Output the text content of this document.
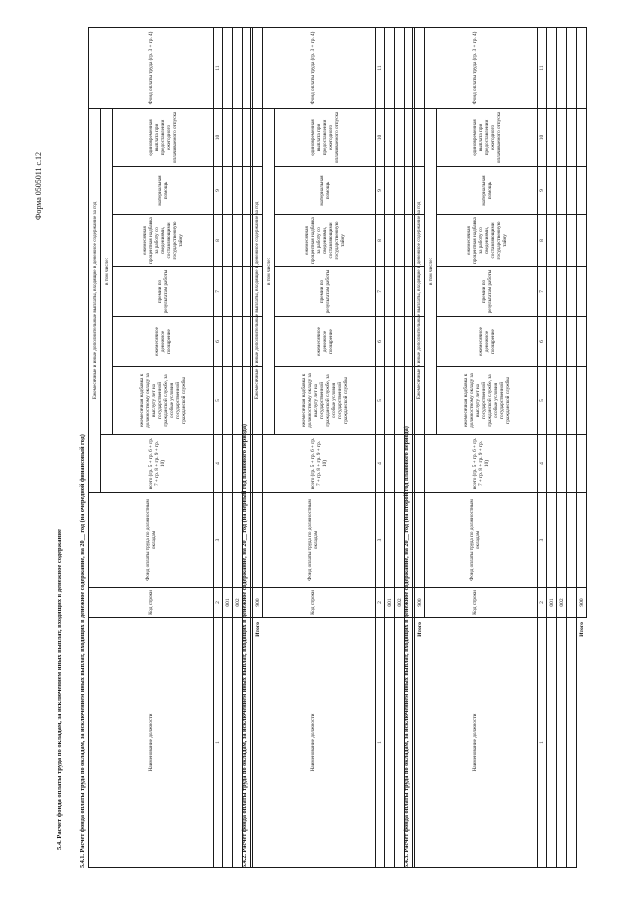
Форма 0505011 с.12
5.4. Расчет фонда оплаты труда по окладам, за исключением иных выплат, входящих в денежное содержание	5.4.1. Расчет фонда оплаты труда по окладам, за исключением иных выплат, входящих в денежное содержание, на 20__ год (на очередной финансовый год)	Наименование должности	Код строки	Фонд оплаты труда по должностным окладам	Ежемесячные и иные дополнительные выплаты, входящие в денежное содержание за год							Фонд оплаты труда (гр. 3 + гр. 4)
			всего (гр. 5 + гр. 6 + гр. 7 + гр. 8 + гр. 9 + гр. 10)	в том числе:						
				ежемесячная надбавка к должностному окладу за выслугу лет на государственной гражданской службе, за особые условия государственной гражданской службы	ежемесячное денежное поощрение	премии по результатам работы	ежемесячная процентная надбавка за работу со сведениями, составляющими государственную тайну	материальная помощь	единовременная выплата при предоставлении ежегодного оплачиваемого отпуска	
1	2	3	4	5	6	7	8	9	10	11
	001									
	002									

Итого	900									
5.4.2. Расчет фонда оплаты труда по окладам, за исключением иных выплат, входящих в денежное содержание, на 20__ год (на первый год планового периода)	Наименование должности	Код строки	Фонд оплаты труда по должностным окладам	Ежемесячные и иные дополнительные выплаты, входящие в денежное содержание за год							Фонд оплаты труда (гр. 3 + гр. 4)
			всего (гр. 5 + гр. 6 + гр. 7 + гр. 8 + гр. 9 + гр. 10)	в том числе:						
				ежемесячная надбавка к должностному окладу за выслугу лет на государственной гражданской службе, за особые условия государственной гражданской службы	ежемесячное денежное поощрение	премии по результатам работы	ежемесячная процентная надбавка за работу со сведениями, составляющими государственную тайну	материальная помощь	единовременная выплата при предоставлении ежегодного оплачиваемого отпуска	
1	2	3	4	5	6	7	8	9	10	11
	001									
	002									

Итого	900									
5.4.3. Расчет фонда оплаты труда по окладам, за исключением иных выплат, входящих в денежное содержание, на 20__ год (на второй год планового периода)	Наименование должности	Код строки	Фонд оплаты труда по должностным окладам	Ежемесячные и иные дополнительные выплаты, входящие в денежное содержание за год							Фонд оплаты труда (гр. 3 + гр. 4)
			всего (гр. 5 + гр. 6 + гр. 7 + гр. 8 + гр. 9 + гр. 10)	в том числе:						
				ежемесячная надбавка к должностному окладу за выслугу лет на государственной гражданской службе, за особые условия государственной гражданской службы	ежемесячное денежное поощрение	премии по результатам работы	ежемесячная процентная надбавка за работу со сведениями, составляющими государственную тайну	материальная помощь	единовременная выплата при предоставлении ежегодного оплачиваемого отпуска	
1	2	3	4	5	6	7	8	9	10	11
	001									
	002									

Итого	900									
